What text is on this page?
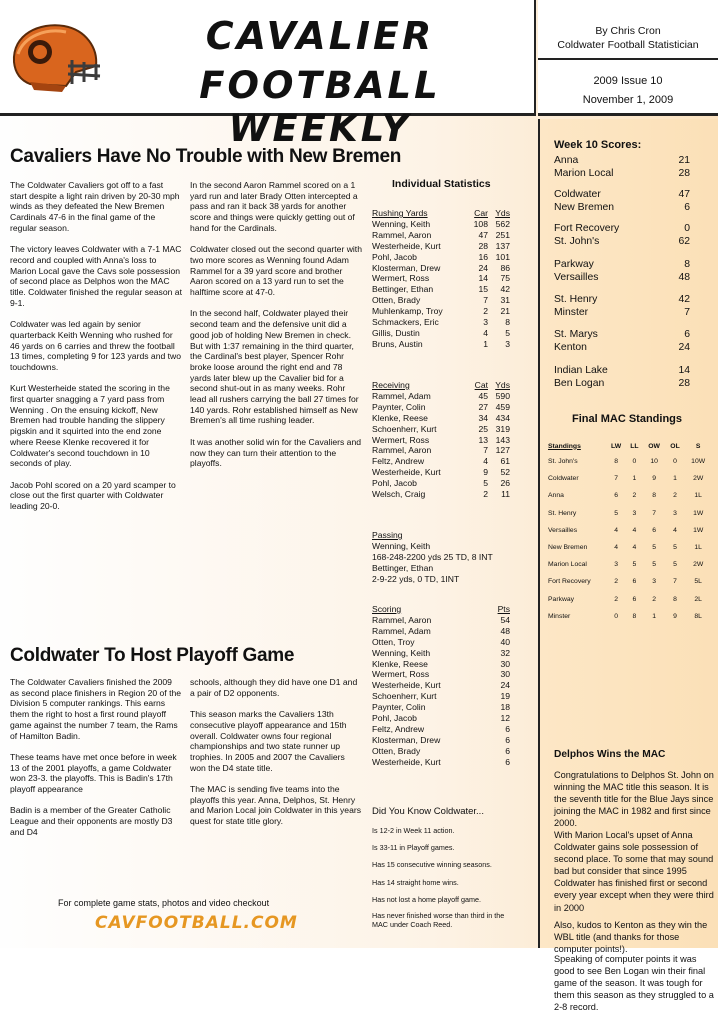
CAVALIER
FOOTBALL WEEKLY
By Chris Cron
Coldwater Football Statistician
2009 Issue 10
November 1, 2009
Cavaliers Have No Trouble with New Bremen

The Coldwater Cavaliers got off to a fast start despite a light rain driven by 20-30 mph winds as they defeated the New Bremen Cardinals 47-6 in the final game of the regular season.

The victory leaves Coldwater with a 7-1 MAC record and coupled with Anna's loss to Marion Local gave the Cavs sole possession of second place as Delphos won the MAC title. Coldwater finished the regular season at 9-1.

Coldwater was led again by senior quarterback Keith Wenning who rushed for 46 yards on 6 carries and threw the football 13 times, completing 9 for 123 yards and two touchdowns.

Kurt Westerheide stated the scoring in the first quarter snagging a 7 yard pass from Wenning . On the ensuing kickoff, New Bremen had trouble handing the slippery pigskin and it squirted into the end zone where Reese Klenke recovered it for Coldwater's second touchdown in 10 seconds of play.

Jacob Pohl scored on a 20 yard scamper to close out the first quarter with Coldwater leading 20-0.

In the second Aaron Rammel scored on a 1 yard run and later Brady Otten intercepted a pass and ran it back 38 yards for another score and things were quickly getting out of hand for the Cardinals.

Coldwater closed out the second quarter with two more scores as Wenning found Adam Rammel for a 39 yard score and brother Aaron scored on a 13 yard run to set the halftime score at 47-0.

In the second half, Coldwater played their second team and the defensive unit did a good job of holding New Bremen in check. But with 1:37 remaining in the third quarter, the Cardinal's best player, Spencer Rohr broke loose around the right end and 78 yards later blew up the Cavalier bid for a second shut-out in as many weeks. Rohr lead all rushers carrying the ball 27 times for 140 yards. Rohr established himself as New Bremen's all time rushing leader.

It was another solid win for the Cavaliers and now they can turn their attention to the playoffs.

Individual Statistics
Rushing Yards	Car Yds
Wenning, Keith	108 562
Rammel, Aaron	47 251
Westerheide, Kurt	28 137
Pohl, Jacob	16 101
Klosterman, Drew	24	86
Wermert, Ross	14	75
Bettinger, Ethan	15	42
Otten, Brady	7	31
Muhlenkamp, Troy	2	21
Schmackers, Eric	3	8
Gillis, Dustin	4	5
Bruns, Austin	1	3
Receiving	Cat Yds
Rammel, Adam	45 590
Paynter, Colin	27 459
Klenke, Reese	34 434
Schoenherr, Kurt	25 319
Wermert, Ross	13 143
Rammel, Aaron	7 127
Feltz, Andrew	4	61
Westerheide, Kurt	9	52
Pohl, Jacob	5	26
Welsch, Craig	2	11
Passing
Wenning, Keith
168-248-2200 yds 25 TD, 8 INT
Bettinger, Ethan
2-9-22 yds, 0 TD, 1INT
Scoring	Pts
Rammel, Aaron	54
Rammel, Adam	48
Otten, Troy	40
Wenning, Keith	32
Klenke, Reese	30
Wermert, Ross	30
Westerheide, Kurt	24
Schoenherr, Kurt	19
Paynter, Colin	18
Pohl, Jacob	12
Feltz, Andrew	6
Klosterman, Drew	6
Otten, Brady	6
Westerheide, Kurt	6
Did You Know Coldwater...
Is 12-2 in Week 11 action.
Is 33-11 in Playoff games.
Has 15 consecutive winning seasons.
Has 14 straight home wins.
Has not lost a home playoff game.
Has never finished worse than third in the MAC under Coach Reed.
Coldwater To Host Playoff Game

The Coldwater Cavaliers finished the 2009 as second place finishers in Region 20 of the Division 5 computer rankings. This earns them the right to host a first round playoff game against the number 7 team, the Rams of Hamilton Badin.

These teams have met once before in week 13 of the 2001 playoffs, a game Coldwater won 23-3. the playoffs. This is Badin's 17th playoff appearance

Badin is a member of the Greater Catholic League and their opponents are mostly D3 and D4

schools, although they did have one D1 and a pair of D2 opponents.

This season marks the Cavaliers 13th consecutive playoff appearance and 15th overall. Coldwater owns four regional championships and two state runner up trophies. In 2005 and 2007 the Cavaliers won the D4 state title.

The MAC is sending five teams into the playoffs this year. Anna, Delphos, St. Henry and Marion Local join Coldwater in this years quest for state title glory.

For complete game stats, photos and video checkout
CAVFOOTBALL.COM
Week 10 Scores:
Anna	21
Marion Local	28
Coldwater	47
New Bremen	6
Fort Recovery	0
St. John's	62
Parkway	8
Versailles	48
St. Henry	42
Minster	7
St. Marys	6
Kenton	24
Indian Lake	14
Ben Logan	28
Final MAC Standings
Standings	LW	LL	OW	OL	S
St. John's	8	0	10	0	10W
Coldwater	7	1	9	1	2W
Anna	6	2	8	2	1L
St. Henry	5	3	7	3	1W
Versailles	4	4	6	4	1W
New Bremen	4	4	5	5	1L
Marion Local	3	5	5	5	2W
Fort Recovery	2	6	3	7	5L
Parkway	2	6	2	8	2L
Minster	0	8	1	9	8L
Delphos Wins the MAC
Congratulations to Delphos St. John on winning the MAC title this season. It is the seventh title for the Blue Jays since joining the MAC in 1982 and first since 2000.
With Marion Local's upset of Anna Coldwater gains sole possession of second place. To some that may sound bad but consider that since 1995 Coldwater has finished first or second every year except when they were third in 2000
Also, kudos to Kenton as they win the WBL title (and thanks for those computer points!).
Speaking of computer points it was good to see Ben Logan win their final game of the season. It was tough for them this season as they struggled to a 2-8 record.
